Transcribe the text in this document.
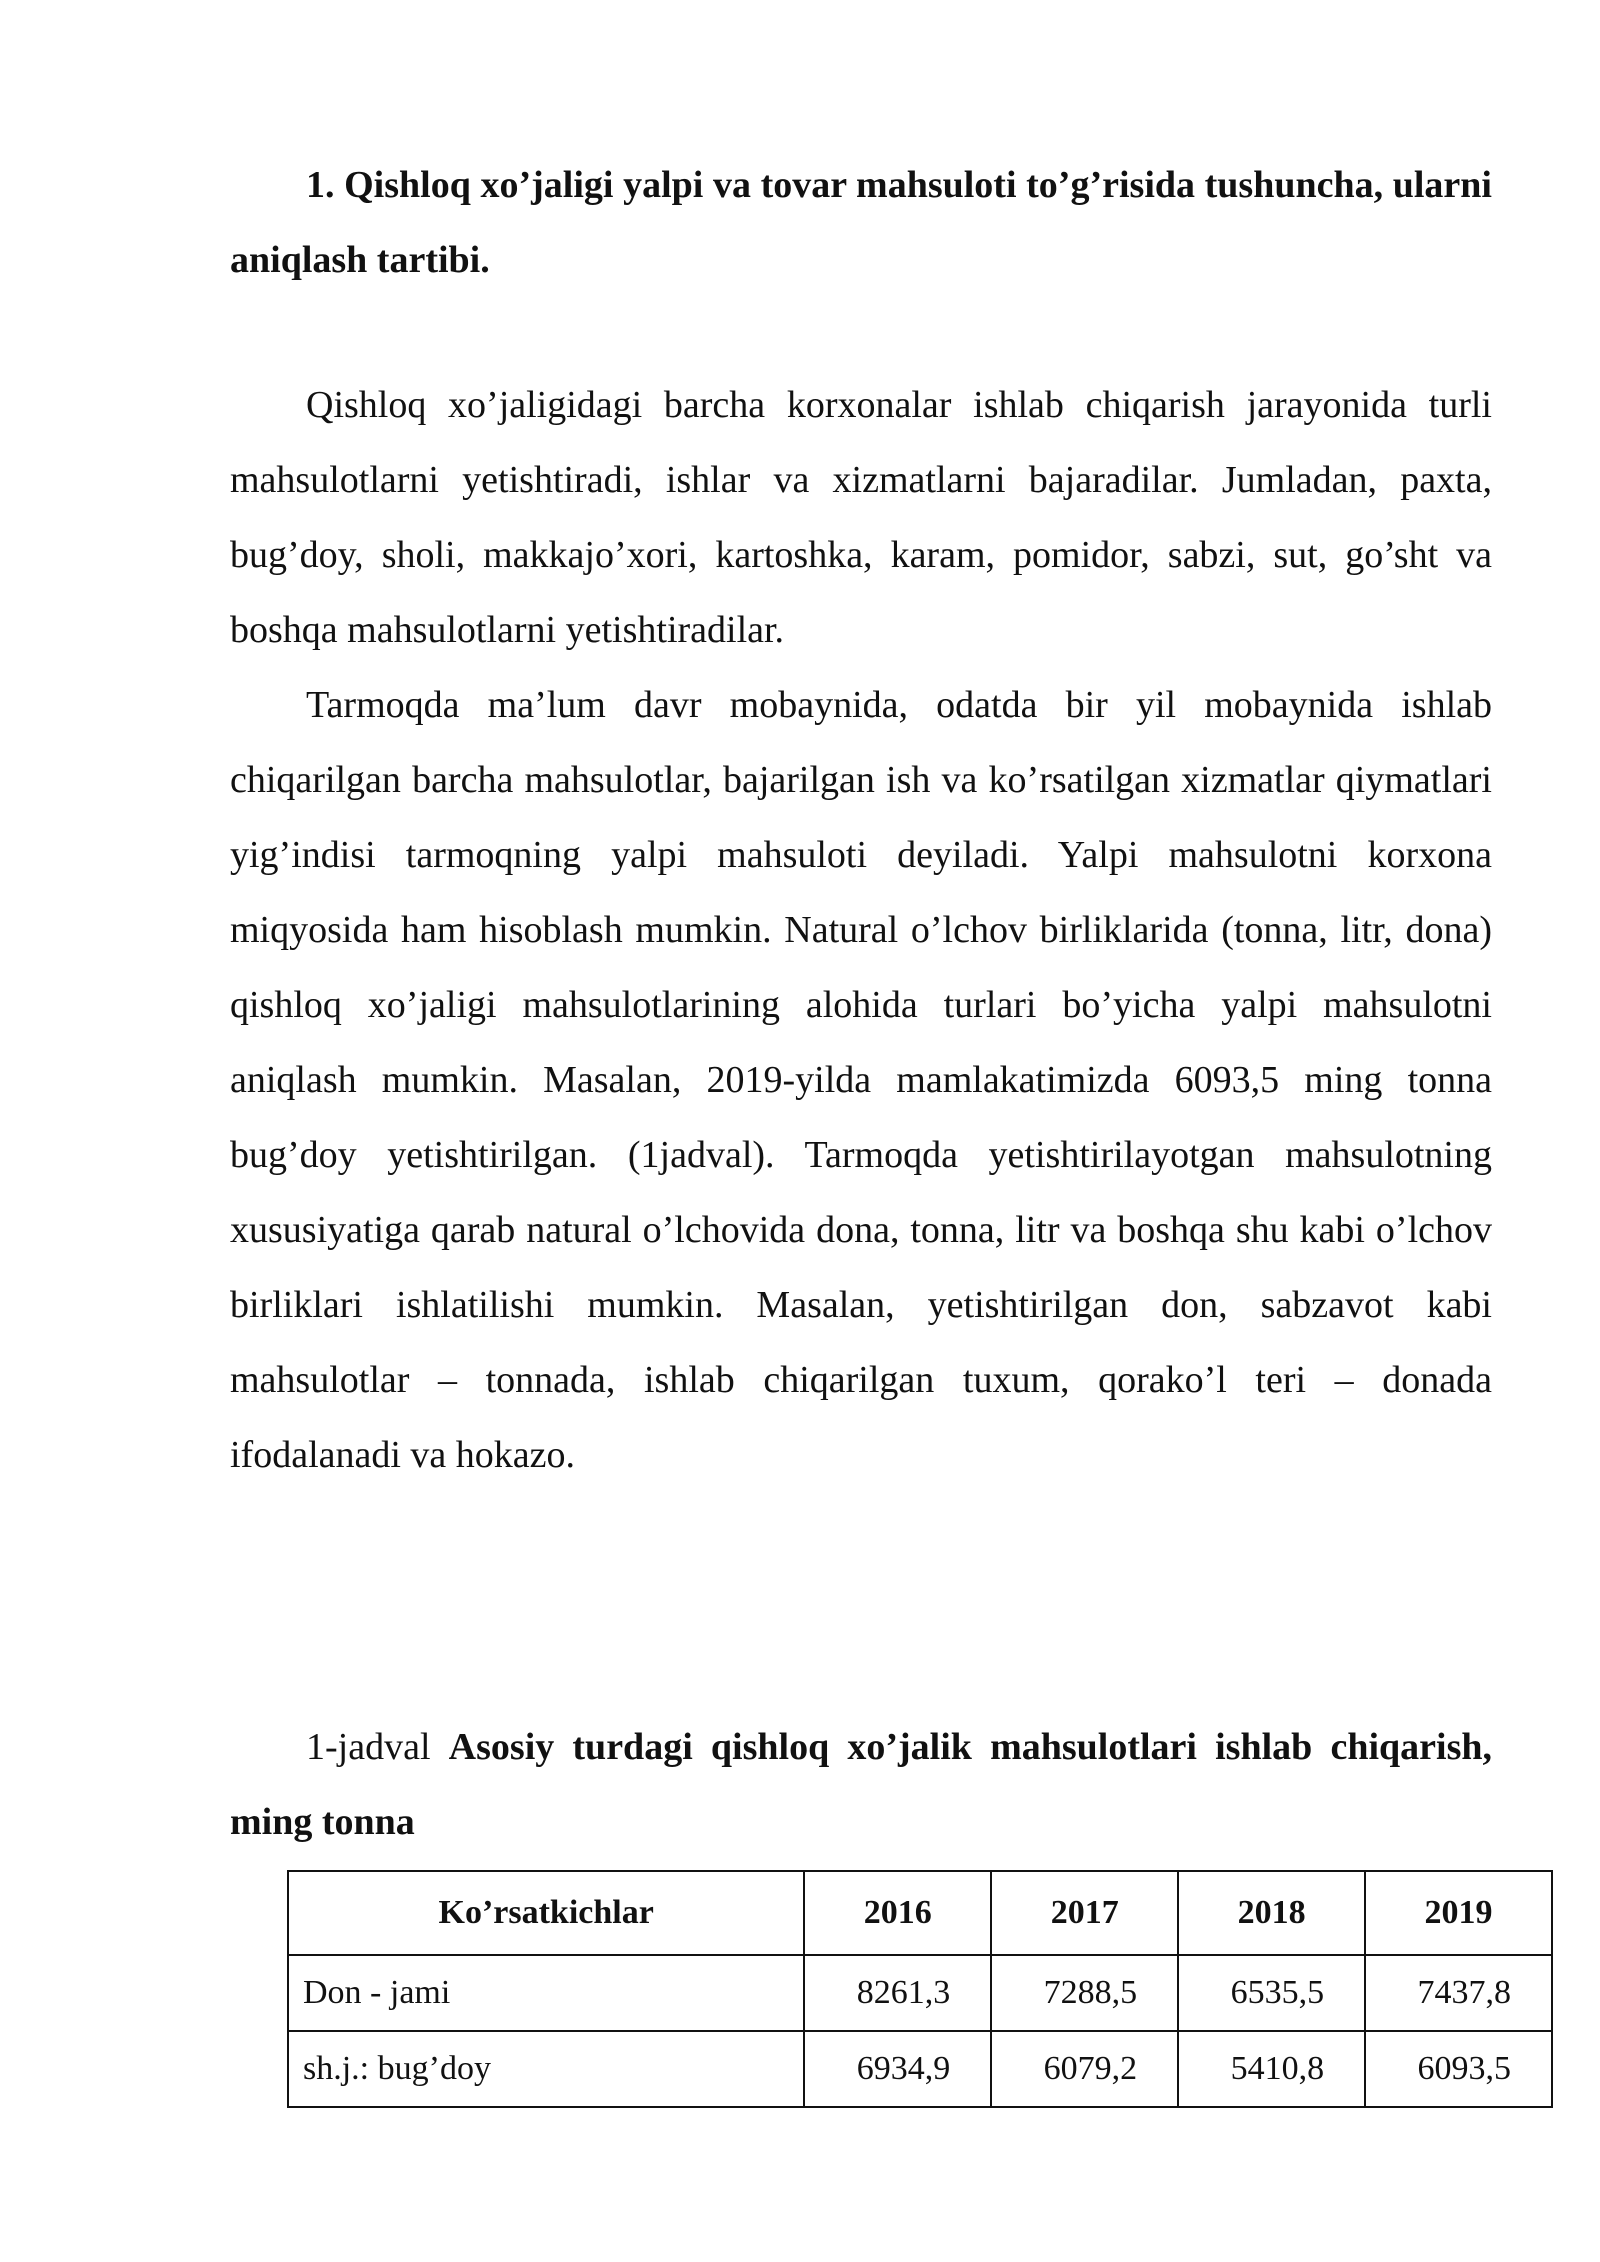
1. Qishloq xo’jaligi yalpi va tovar mahsuloti to’g’risida tushuncha, ularni aniqlash tartibi.

Qishloq xo’jaligidagi barcha korxonalar ishlab chiqarish jarayonida turli mahsulotlarni yetishtiradi, ishlar va xizmatlarni bajaradilar. Jumladan, paxta, bug’doy, sholi, makkajo’xori, kartoshka, karam, pomidor, sabzi, sut, go’sht va boshqa mahsulotlarni yetishtiradilar.

Tarmoqda ma’lum davr mobaynida, odatda bir yil mobaynida ishlab chiqarilgan barcha mahsulotlar, bajarilgan ish va ko’rsatilgan xizmatlar qiymatlari yig’indisi tarmoqning yalpi mahsuloti deyiladi. Yalpi mahsulotni korxona miqyosida ham hisoblash mumkin. Natural o’lchov birliklarida (tonna, litr, dona) qishloq xo’jaligi mahsulotlarining alohida turlari bo’yicha yalpi mahsulotni aniqlash mumkin. Masalan, 2019-yilda mamlakatimizda 6093,5 ming tonna bug’doy yetishtirilgan. (1jadval). Tarmoqda yetishtirilayotgan mahsulotning xususiyatiga qarab natural o’lchovida dona, tonna, litr va boshqa shu kabi o’lchov birliklari ishlatilishi mumkin. Masalan, yetishtirilgan don, sabzavot kabi mahsulotlar – tonnada, ishlab chiqarilgan tuxum, qorako’l teri – donada ifodalanadi va hokazo.

1-jadval Asosiy turdagi qishloq xo’jalik mahsulotlari ishlab chiqarish, ming tonna

Ko’rsatkichlar	2016	2017	2018	2019
Don - jami	8261,3	7288,5	6535,5	7437,8
sh.j.: bug’doy	6934,9	6079,2	5410,8	6093,5
